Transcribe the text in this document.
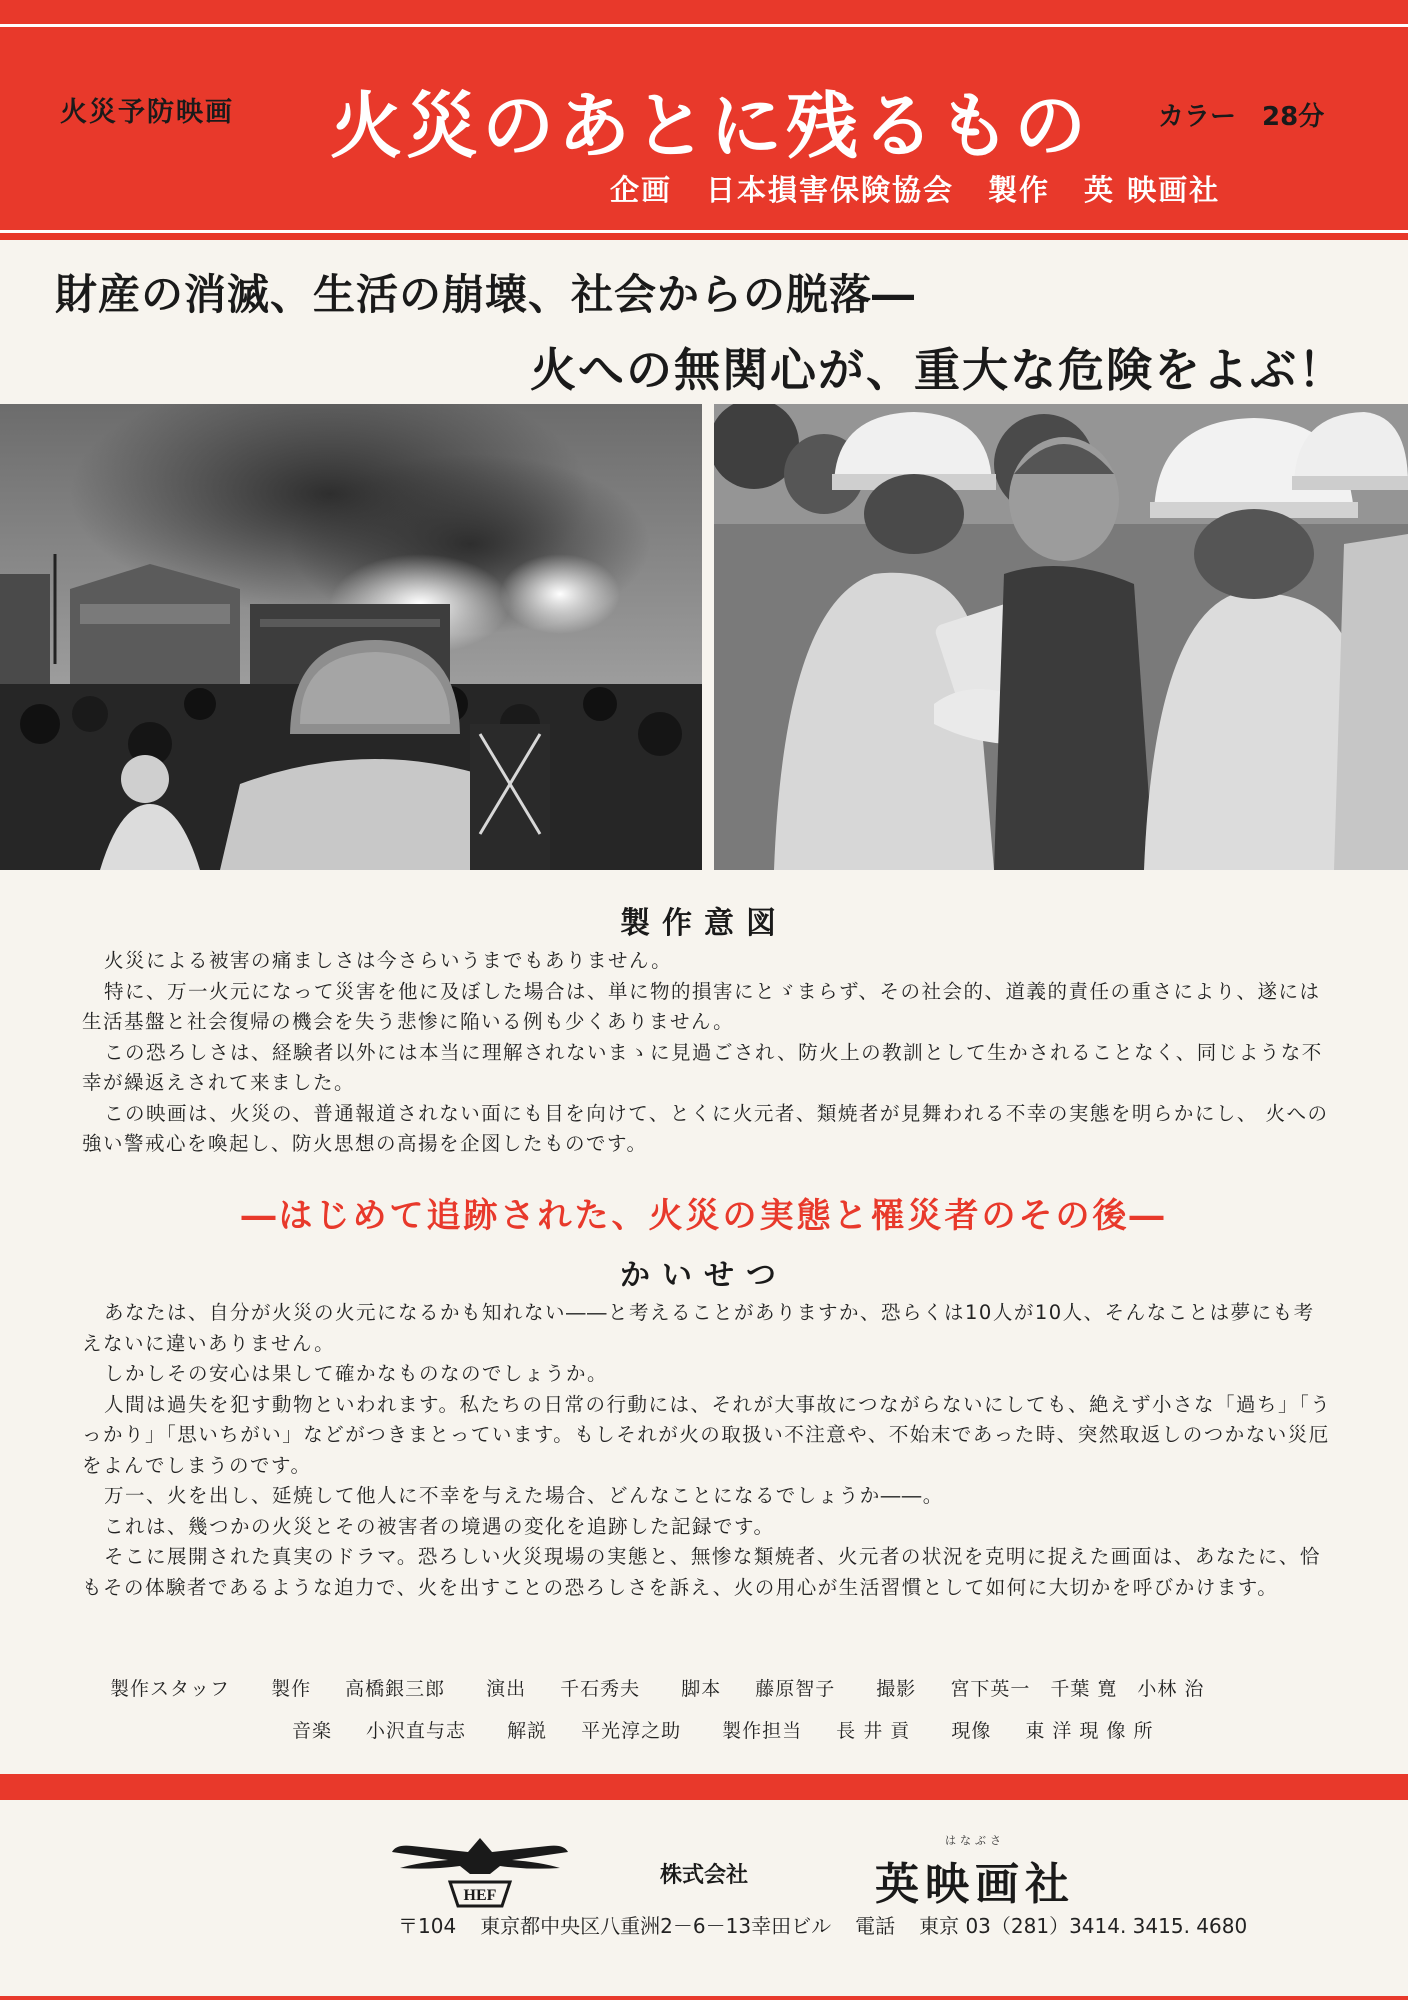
火災予防映画 火災のあとに残るもの	カラー 28分
企画 日本損害保険協会 製作 英 映画社
財産の消滅、生活の崩壊、社会からの脱落―
火への無関心が、重大な危険をよぶ！
製作意図

火災による被害の痛ましさは今さらいうまでもありません。

特に、万一火元になって災害を他に及ぼした場合は、単に物的損害にとゞまらず、その社会的、道義的責任の重さにより、遂には生活基盤と社会復帰の機会を失う悲惨に陥いる例も少くありません。

この恐ろしさは、経験者以外には本当に理解されないまゝに見過ごされ、防火上の教訓として生かされることなく、同じような不幸が繰返えされて来ました。

この映画は、火災の、普通報道されない面にも目を向けて、とくに火元者、類焼者が見舞われる不幸の実態を明らかにし、 火への強い警戒心を喚起し、防火思想の高揚を企図したものです。

―はじめて追跡された、火災の実態と罹災者のその後―
かいせつ

あなたは、自分が火災の火元になるかも知れない――と考えることがありますか、恐らくは10人が10人、そんなことは夢にも考えないに違いありません。

しかしその安心は果して確かなものなのでしょうか。

人間は過失を犯す動物といわれます。私たちの日常の行動には、それが大事故につながらないにしても、絶えず小さな「過ち」「うっかり」「思いちがい」などがつきまとっています。もしそれが火の取扱い不注意や、不始末であった時、突然取返しのつかない災厄をよんでしまうのです。

万一、火を出し、延焼して他人に不幸を与えた場合、どんなことになるでしょうか――。

これは、幾つかの火災とその被害者の境遇の変化を追跡した記録です。

そこに展開された真実のドラマ。恐ろしい火災現場の実態と、無惨な類焼者、火元者の状況を克明に捉えた画面は、あなたに、恰もその体験者であるような迫力で、火を出すことの恐ろしさを訴え、火の用心が生活習慣として如何に大切かを呼びかけます。

製作スタッフ 製作 高橋銀三郎 演出 千石秀夫 脚本 藤原智子 撮影 宮下英一　千葉 寛　小林 治
音楽 小沢直与志 解説 平光淳之助 製作担当 長 井 貢 現像 東 洋 現 像 所
HEF
株式会社
はなぶさ
英映画社
〒104 東京都中央区八重洲2－6－13幸田ビル 電話 東京 03（281）3414. 3415. 4680
